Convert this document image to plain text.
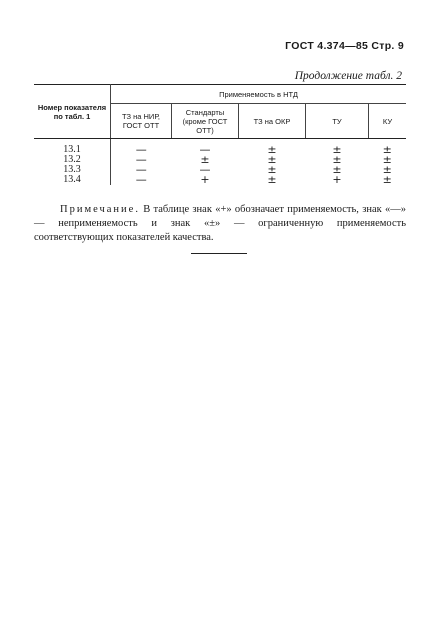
ГОСТ 4.374—85 Стр. 9
Продолжение табл. 2
Номер показателя по табл. 1	Применяемость в НТД				
	ТЗ на НИР, ГОСТ ОТТ	Стандарты (кроме ГОСТ ОТТ)	ТЗ на ОКР	ТУ	КУ
13.1	—	—	±	±	±
13.2	—	±	±	±	±
13.3	—	—	±	±	±
13.4	—	+	±	+	±

Примечание. В таблице знак «+» обозначает применяемость, знак «—» — неприменяемость и знак «±» — ограниченную применяемость соответствующих показателей качества.
